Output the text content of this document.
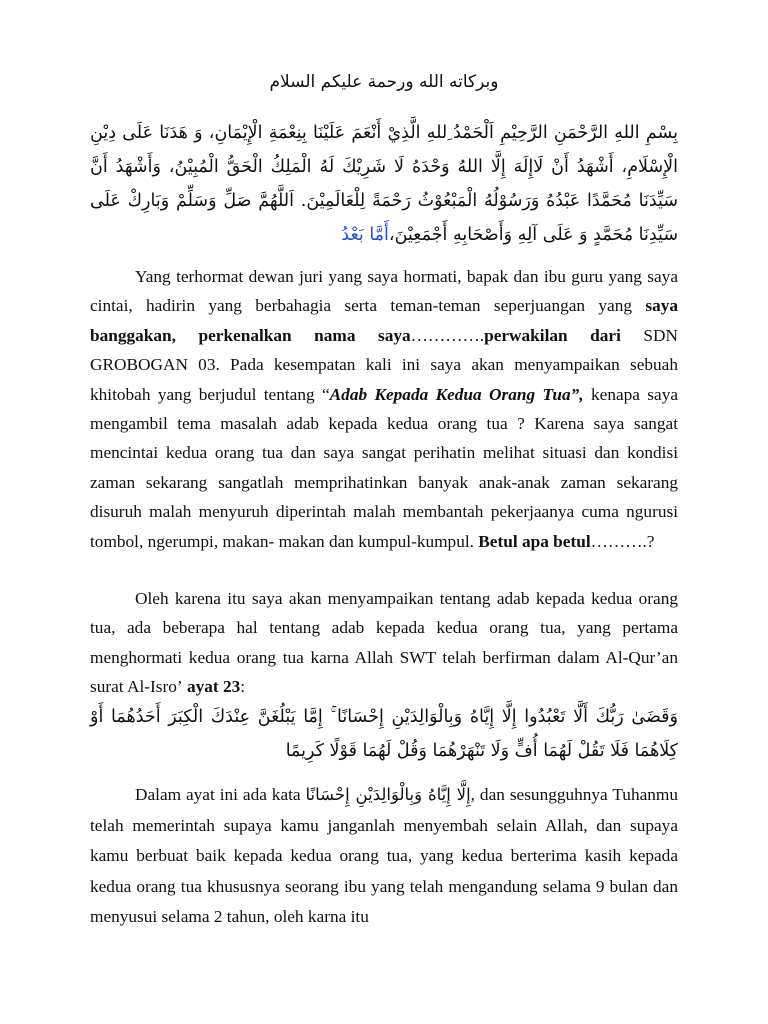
وبركاته الله ورحمة عليكم السلام
بِسْمِ اللهِ الرَّحْمَنِ الرَّحِيْمِ اَلْحَمْدُ ِللهِ الَّذِيْ أَنْعَمَ عَلَيْنَا بِنِعْمَةِ الْإِيْمَانِ، وَ هَدَنَا عَلَى دِيْنِ الْإِسْلَامِ، أَشْهَدُ أَنْ لَاإِلَهَ إِلَّا اللهُ وَحْدَهُ لَا شَرِيْكَ لَهُ الْمَلِكُ الْحَقُّ الْمُبِيْنُ، وَأَشْهَدُ أَنَّ سَيِّدَنَا مُحَمَّدًا عَبْدُهُ وَرَسُوْلُهُ الْمَبْعُوْثُ رَحْمَةً لِلْعَالَمِيْنَ. اَللَّهُمَّ صَلِّ وَسَلِّمْ وَبَارِكْ عَلَى سَيِّدِنَا مُحَمَّدٍ وَ عَلَى آلِهِ وَأَصْحَابِهِ أَجْمَعِيْنَ،أَمَّا بَعْدُ
Yang terhormat dewan juri yang saya hormati, bapak dan ibu guru yang saya cintai, hadirin yang berbahagia serta teman-teman seperjuangan yang saya banggakan, perkenalkan nama saya………….perwakilan dari SDN GROBOGAN 03. Pada kesempatan kali ini saya akan menyampaikan sebuah khitobah yang berjudul tentang “Adab Kepada Kedua Orang Tua”, kenapa saya mengambil tema masalah adab kepada kedua orang tua ? Karena saya sangat mencintai kedua orang tua dan saya sangat perihatin melihat situasi dan kondisi zaman sekarang sangatlah memprihatinkan banyak anak-anak zaman sekarang disuruh malah menyuruh diperintah malah membantah pekerjaanya cuma ngurusi tombol, ngerumpi, makan- makan dan kumpul-kumpul. Betul apa betul……….?
Oleh karena itu saya akan menyampaikan tentang adab kepada kedua orang tua, ada beberapa hal tentang adab kepada kedua orang tua, yang pertama menghormati kedua orang tua karna Allah SWT telah berfirman dalam Al-Qur’an surat Al-Isro’ ayat 23:
وَقَضَىٰ رَبُّكَ أَلَّا تَعْبُدُوا إِلَّا إِيَّاهُ وَبِالْوَالِدَيْنِ إِحْسَانًا ۚ إِمَّا يَبْلُغَنَّ عِنْدَكَ الْكِبَرَ أَحَدُهُمَا أَوْ كِلَاهُمَا فَلَا تَقُلْ لَهُمَا أُفٍّ وَلَا تَنْهَرْهُمَا وَقُلْ لَهُمَا قَوْلًا كَرِيمًا
Dalam ayat ini ada kata إِلَّا إِيَّاهُ وَبِالْوَالِدَيْنِ إِحْسَانًا, dan sesungguhnya Tuhanmu telah memerintah supaya kamu janganlah menyembah selain Allah, dan supaya kamu berbuat baik kepada kedua orang tua, yang kedua berterima kasih kepada kedua orang tua khususnya seorang ibu yang telah mengandung selama 9 bulan dan menyusui selama 2 tahun, oleh karna itu
